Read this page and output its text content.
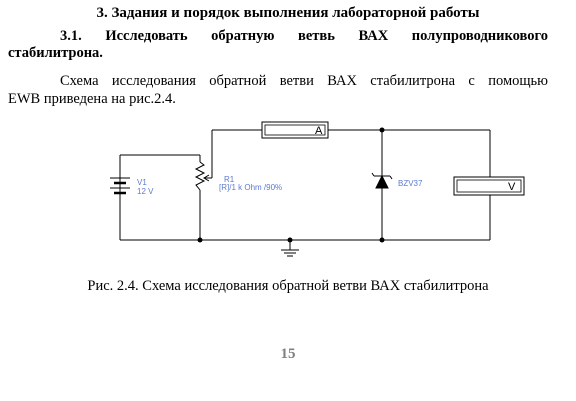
3. Задания и порядок выполнения лабораторной работы
3.1. Исследовать обратную ветвь ВАХ полупроводникового
стабилитрона.
Схема исследования обратной ветви ВАХ стабилитрона с помощью
EWB приведена на рис.2.4.
A
V
V1
12 V
R1
[R]/1 k Ohm /90%	BZV37
Рис. 2.4. Схема исследования обратной ветви ВАХ стабилитрона
15
